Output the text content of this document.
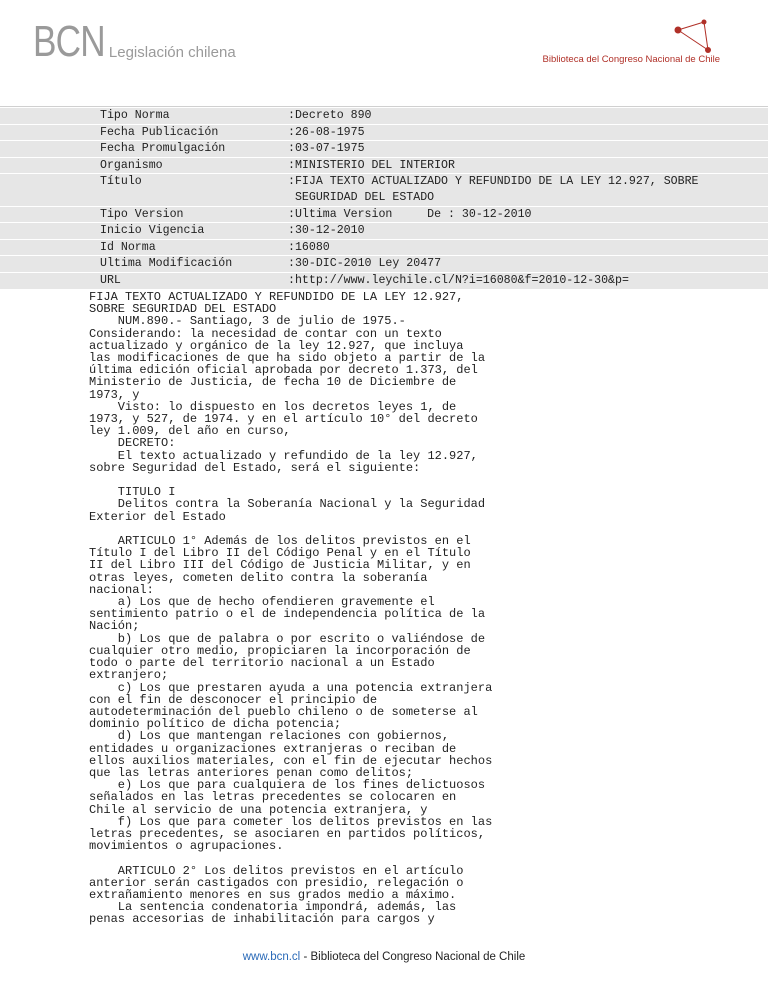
BCN Legislación chilena	Biblioteca del Congreso Nacional de Chile
Tipo Norma	:Decreto 890
Fecha Publicación	:26-08-1975
Fecha Promulgación	:03-07-1975
Organismo	:MINISTERIO DEL INTERIOR
Título	:FIJA TEXTO ACTUALIZADO Y REFUNDIDO DE LA LEY 12.927, SOBRE
SEGURIDAD DEL ESTADO
Tipo Version	:Ultima Version     De : 30-12-2010
Inicio Vigencia	:30-12-2010
Id Norma	:16080
Ultima Modificación	:30-DIC-2010 Ley 20477
URL	:http://www.leychile.cl/N?i=16080&f=2010-12-30&p=
FIJA TEXTO ACTUALIZADO Y REFUNDIDO DE LA LEY 12.927,
SOBRE SEGURIDAD DEL ESTADO
NUM.890.- Santiago, 3 de julio de 1975.-
Considerando: la necesidad de contar con un texto
actualizado y orgánico de la ley 12.927, que incluya
las modificaciones de que ha sido objeto a partir de la
última edición oficial aprobada por decreto 1.373, del
Ministerio de Justicia, de fecha 10 de Diciembre de
1973, y
Visto: lo dispuesto en los decretos leyes 1, de
1973, y 527, de 1974. y en el artículo 10° del decreto
ley 1.009, del año en curso,
DECRETO:
El texto actualizado y refundido de la ley 12.927,
sobre Seguridad del Estado, será el siguiente:

TITULO I
Delitos contra la Soberanía Nacional y la Seguridad
Exterior del Estado

ARTICULO 1° Además de los delitos previstos en el
Título I del Libro II del Código Penal y en el Título
II del Libro III del Código de Justicia Militar, y en
otras leyes, cometen delito contra la soberanía
nacional:
a) Los que de hecho ofendieren gravemente el
sentimiento patrio o el de independencia política de la
Nación;
b) Los que de palabra o por escrito o valiéndose de
cualquier otro medio, propiciaren la incorporación de
todo o parte del territorio nacional a un Estado
extranjero;
c) Los que prestaren ayuda a una potencia extranjera
con el fin de desconocer el principio de
autodeterminación del pueblo chileno o de someterse al
dominio político de dicha potencia;
d) Los que mantengan relaciones con gobiernos,
entidades u organizaciones extranjeras o reciban de
ellos auxilios materiales, con el fin de ejecutar hechos
que las letras anteriores penan como delitos;
e) Los que para cualquiera de los fines delictuosos
señalados en las letras precedentes se colocaren en
Chile al servicio de una potencia extranjera, y
f) Los que para cometer los delitos previstos en las
letras precedentes, se asociaren en partidos políticos,
movimientos o agrupaciones.

ARTICULO 2° Los delitos previstos en el artículo
anterior serán castigados con presidio, relegación o
extrañamiento menores en sus grados medio a máximo.
La sentencia condenatoria impondrá, además, las
penas accesorias de inhabilitación para cargos y
www.bcn.cl - Biblioteca del Congreso Nacional de Chile
